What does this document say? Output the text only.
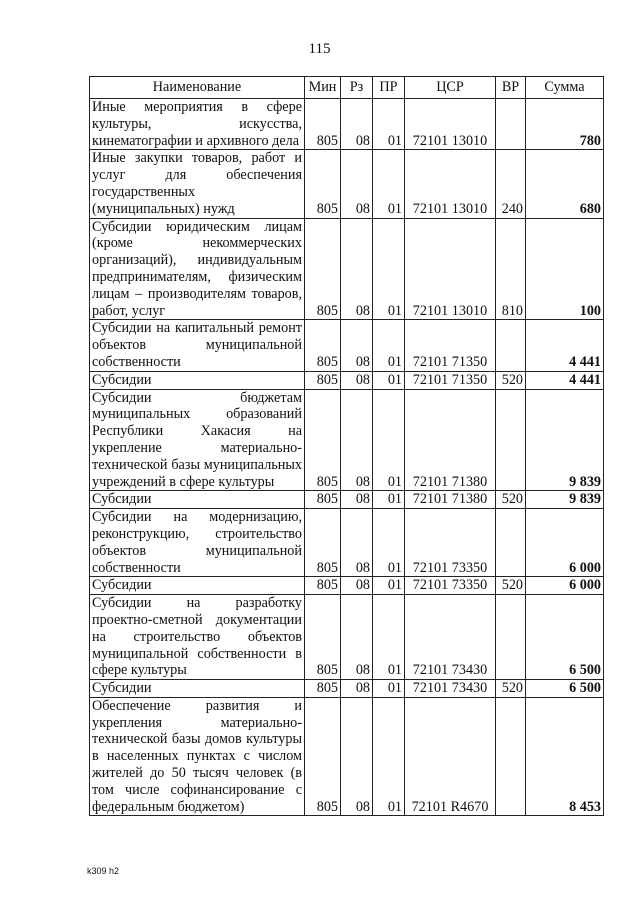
115
Наименование	Мин	Рз	ПР	ЦСР	ВР	Сумма
Иные мероприятия в сфере культуры, искусства, кинематографии и архивного дела	805	08	01	72101 13010		780
Иные закупки товаров, работ и услуг для обеспечения государственных (муниципальных) нужд	805	08	01	72101 13010	240	680
Субсидии юридическим лицам (кроме некоммерческих организаций), индивидуальным предпринимателям, физическим лицам – производителям товаров, работ, услуг	805	08	01	72101 13010	810	100
Субсидии на капитальный ремонт объектов муниципальной собственности	805	08	01	72101 71350		4 441
Субсидии	805	08	01	72101 71350	520	4 441
Субсидии бюджетам муниципальных образований Республики Хакасия на укрепление материально-технической базы муниципальных учреждений в сфере культуры	805	08	01	72101 71380		9 839
Субсидии	805	08	01	72101 71380	520	9 839
Субсидии на модернизацию, реконструкцию, строительство объектов муниципальной собственности	805	08	01	72101 73350		6 000
Субсидии	805	08	01	72101 73350	520	6 000
Субсидии на разработку проектно-сметной документации на строительство объектов муниципальной собственности в сфере культуры	805	08	01	72101 73430		6 500
Субсидии	805	08	01	72101 73430	520	6 500
Обеспечение развития и укрепления материально-технической базы домов культуры в населенных пунктах с числом жителей до 50 тысяч человек (в том числе софинансирование с федеральным бюджетом)	805	08	01	72101 R4670		8 453
k309 h2
